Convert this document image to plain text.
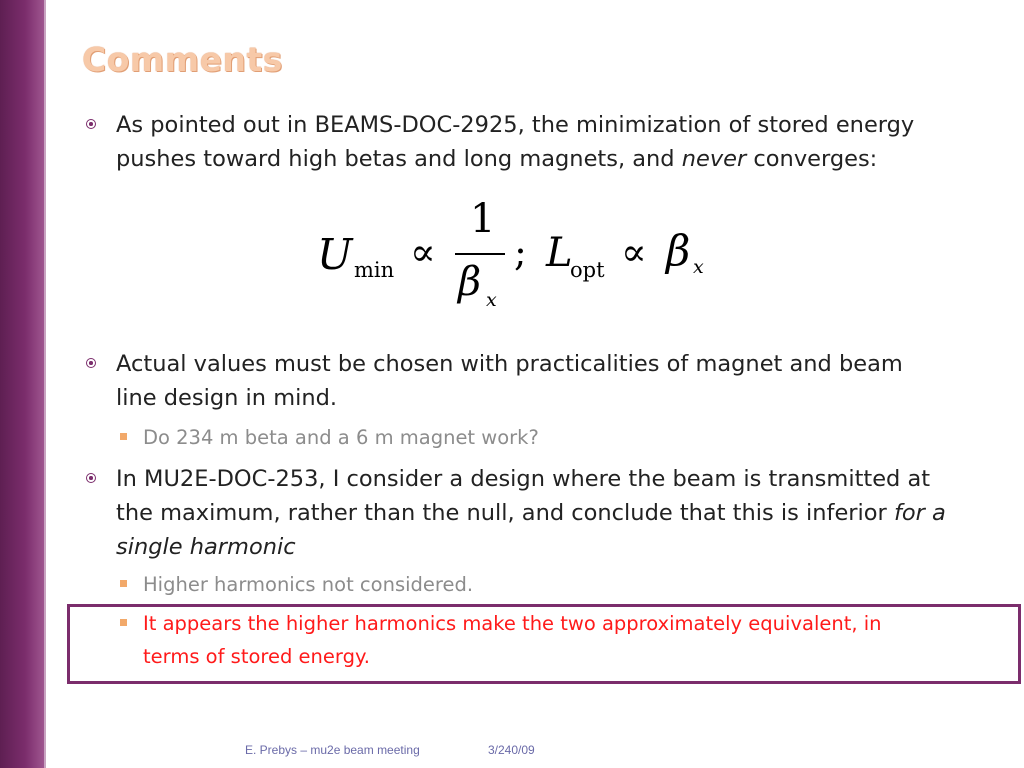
Comments
As pointed out in BEAMS-DOC-2925, the minimization of stored energy pushes toward high betas and long magnets, and never converges:
U min ∝
1
β x
; L
opt ∝ β x
Actual values must be chosen with practicalities of magnet and beam line design in mind.
Do 234 m beta and a 6 m magnet work?
In MU2E-DOC-253, I consider a design where the beam is transmitted at the maximum, rather than the null, and conclude that this is inferior for a single harmonic
Higher harmonics not considered.
It appears the higher harmonics make the two approximately equivalent, in terms of stored energy.
E. Prebys – mu2e beam meeting	3/240/09
